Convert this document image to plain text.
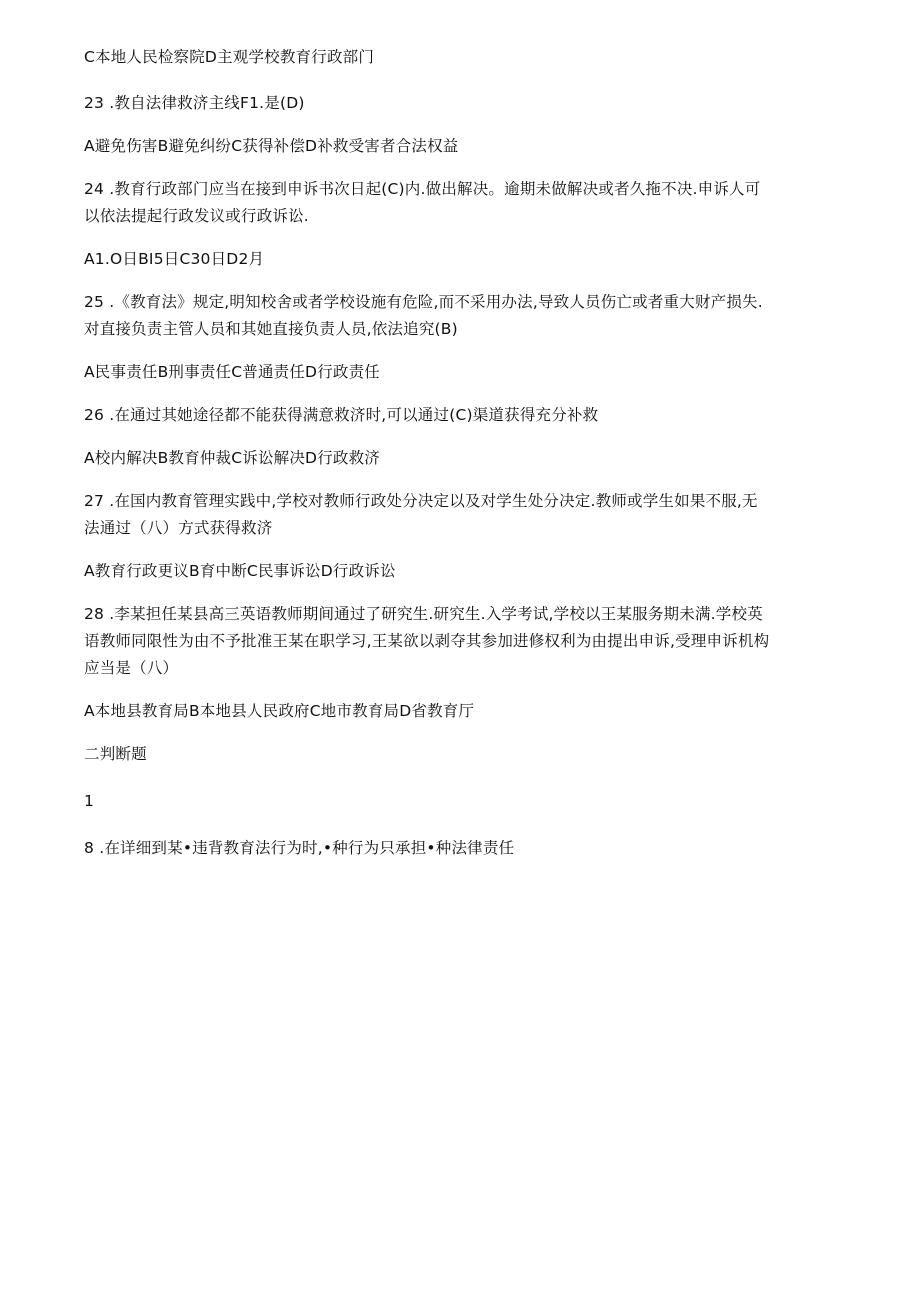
C本地人民检察院D主观学校教育行政部门
23 .教自法律救济主线F1.是(D)
A避免伤害B避免纠纷C获得补偿D补救受害者合法权益
24 .教育行政部门应当在接到申诉书次日起(C)内.做出解决。逾期未做解决或者久拖不决.申诉人可
以依法提起行政发议或行政诉讼.
A1.O日BI5日C30日D2月
25 .《教育法》规定,明知校舍或者学校设施有危险,而不采用办法,导致人员伤亡或者重大财产损失.
对直接负责主管人员和其她直接负责人员,依法追究(B)
A民事责任B刑事责任C普通责任D行政责任
26 .在通过其她途径都不能获得满意救济时,可以通过(C)渠道获得充分补救
A校内解决B教育仲裁C诉讼解决D行政救济
27 .在国内教育管理实践中,学校对教师行政处分决定以及对学生处分决定.教师或学生如果不服,无
法通过（八）方式获得救济
A教育行政更议B育中断C民事诉讼D行政诉讼
28 .李某担任某县高三英语教师期间通过了研究生.研究生.入学考试,学校以王某服务期未满.学校英
语教师同限性为由不予批准王某在职学习,王某欲以剥夺其参加进修权利为由提出申诉,受理申诉机构
应当是（八）
A本地县教育局B本地县人民政府C地市教育局D省教育厅
二判断题
1
8 .在详细到某•违背教育法行为时,•种行为只承担•种法律责任
